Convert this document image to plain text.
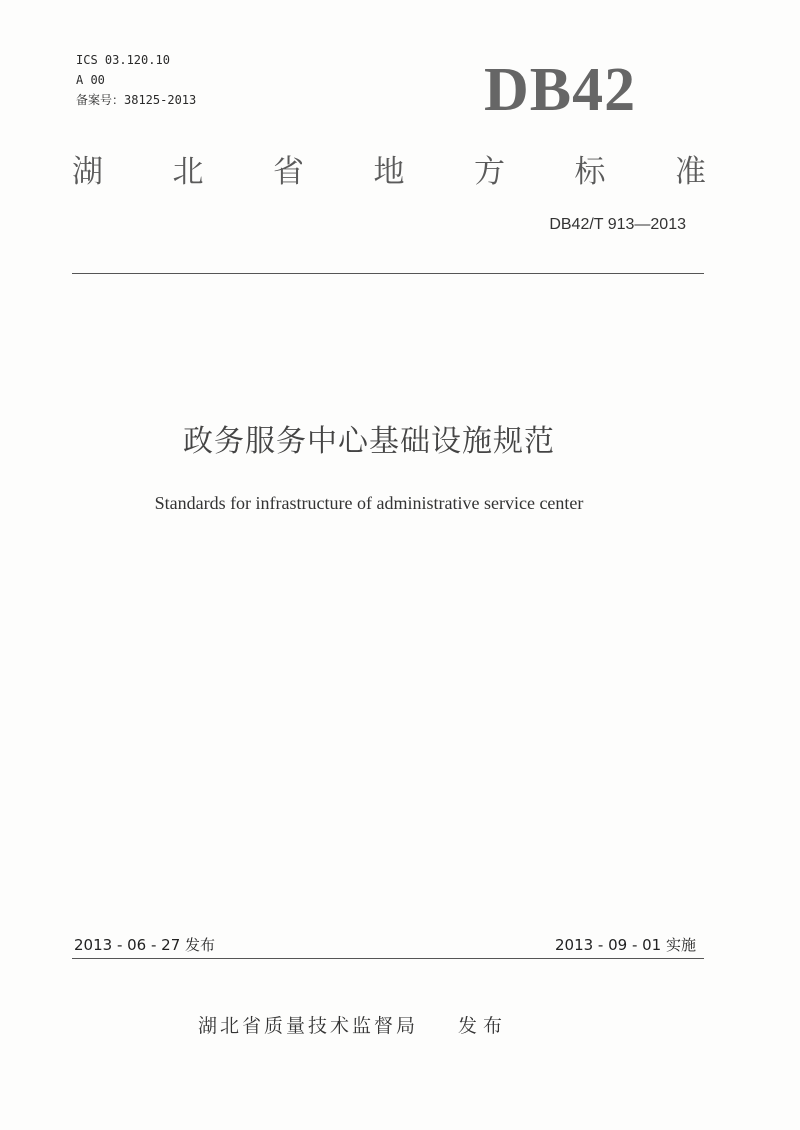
ICS 03.120.10
A 00
备案号：38125-2013	DB42
湖 北 省 地 方 标 准
DB42/T 913—2013
政务服务中心基础设施规范
Standards for infrastructure of administrative service center
2013 - 06 - 27 发布	2013 - 09 - 01 实施
湖北省质量技术监督局 发布
